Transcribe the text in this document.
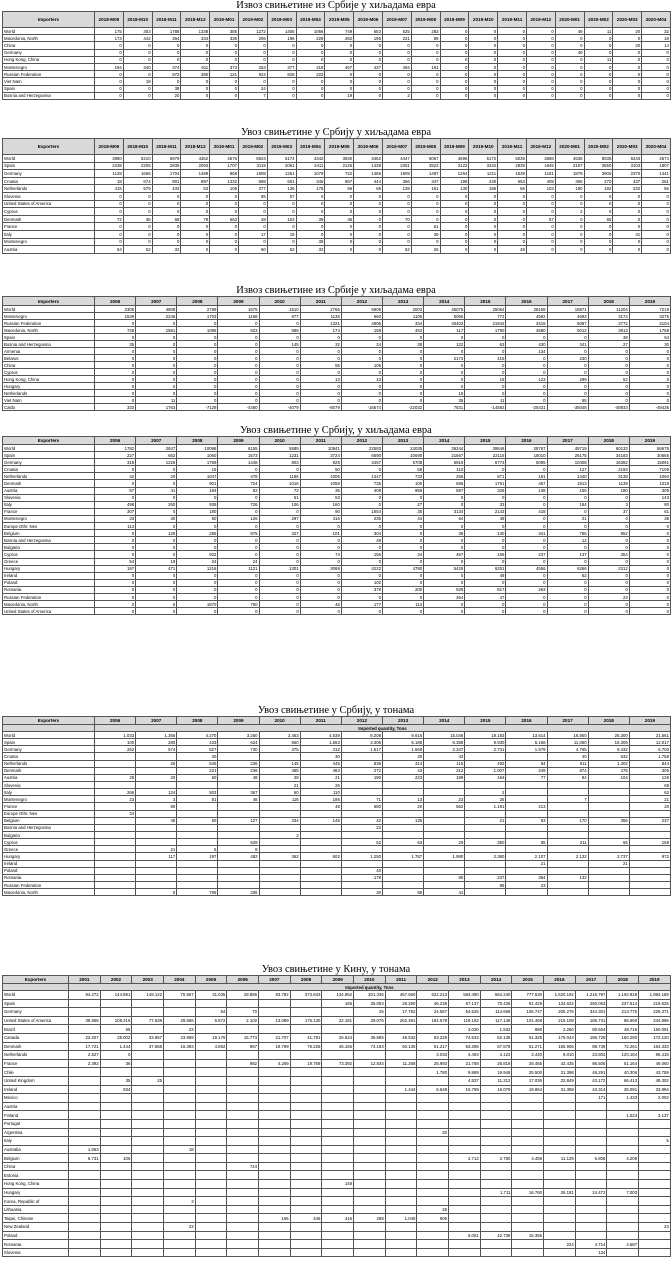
Извоз свињетине из Србије у хиљадама евра
Importers	2018-M09	2018-M10	2018-M11	2018-M12	2019-M01	2019-M02	2019-M03	2019-M04	2019-M05	2019-M06	2019-M07	2019-M08	2019-M09	2019-M10	2019-M11	2019-M12	2020-M01	2020-M02	2020-M03	2020-M04
World	175	303	1788	1338	385	1272	1405	1066	749	653	525	283	0	0	0	0	49	11	20	32
Macedonia, North	173	442	364	334	336	206	196	229	262	195	221	89	0	0	0	0	0	0	0	18
China	0	0	0	0	0	0	0	0	0	0	0	0	0	0	0	0	0	0	20	14
Germany	0	0	0	0	0	0	0	0	0	0	0	0	0	0	0	0	49	0	0	0
Hong Kong, China	0	0	0	0	0	0	0	0	0	0	0	0	0	0	0	0	0	11	0	0
Montenegro	194	340	374	611	373	253	377	318	467	437	494	191	0	0	0	0	0	0	0	0
Russian Federation	0	0	972	390	121	924	828	223	0	0	0	0	0	0	0	0	0	0	0	0
Viet Nam	0	19	0	0	0	0	0	0	0	0	0	0	0	0	0	0	0	0	0	0
Spain	0	0	38	0	0	24	0	0	0	0	0	0	0	0	0	0	0	0	0	0
Bosnia and Herzegovina	0	0	20	0	0	7	0	0	19	0	2	0	0	0	0	0	0	0	0	0
Увоз свињетине у Србију у хиљадама евра
Exporters	2018-M09	2018-M10	2018-M11	2018-M12	2019-M01	2019-M02	2019-M03	2019-M04	2019-M05	2019-M06	2019-M07	2019-M08	2019-M09	2019-M10	2019-M11	2019-M12	2020-M01	2020-M02	2020-M03	2020-M04
World	3980	5210	5979	4362	4676	5924	5174	4342	3940	3462	4447	5067	4696	5172	5039	3688	4636	8035	6243	2674
Spain	2238	2205	2835	2093	1707	3119	2061	2411	2126	1438	2301	3523	3122	3342	2839	1945	2157	3550	3103	1807
Germany	1128	1665	1704	1489	868	1908	1251	1079	722	1485	1909	1487	1264	1211	1539	1181	1879	3905	2370	1441
Croatia	18	674	901	897	1332	698	601	346	957	444	366	347	198	430	553	409	306	270	437	261
Netherlands	415	579	433	53	106	377	136	178	96	65	139	161	130	186	56	103	190	182	332	56
Slovenia	0	0	0	0	0	85	57	0	0	0	0	0	0	0	0	0	0	0	0	0
United States of America	0	0	0	0	0	0	0	0	0	0	0	0	0	0	0	0	0	0	0	0
Cyprus	0	0	0	0	0	0	0	0	0	0	0	0	0	0	0	0	2	0	0	0
Denmark	72	36	68	79	663	48	103	39	36	0	70	0	0	0	0	57	0	65	0	0
France	0	0	0	0	0	0	0	0	0	0	0	61	0	0	0	0	0	0	0	0
Italy	0	0	0	0	0	17	19	0	0	0	0	39	0	0	0	0	0	0	31	0
Montenegro	0	0	0	0	0	0	0	38	0	0	0	0	0	0	0	0	0	0	0	0
Austria	54	52	32	0	0	60	52	32	0	0	52	26	0	0	48	0	0	0	0	0
Извоз свињетине из Србије у хиљадама евра
Importers	2006	2007	2008	2009	2010	2011	2012	2013	2014	2015	2016	2017	2018	2019
World	2305	4808	2799	1675	1510	2766	5909	2003	45075	25064	28158	16871	11204	7219
Montenegro	1539	2246	1703	1168	977	1136	660	1105	5066	772	4592	4693	3174	3275
Russian Federation	0	0	0	0	0	1321	4905	334	40402	21942	3415	6087	3772	2104
Macedonia, North	748	1581	1096	523	588	174	158	453	117	1790	4580	5012	3813	1758
Spain	0	0	0	0	0	0	0	0	0	0	0	0	38	64
Bosnia and Herzegovina	35	0	0	0	145	32	24	38	122	63	430	341	27	30
Armenia	0	0	0	0	0	0	0	0	0	0	134	0	0	0
Belarus	0	0	0	0	0	0	0	0	2173	415	0	230	0	0
China	0	0	0	0	0	55	105	0	0	0	0	0	0	0
Cyprus	0	0	0	0	0	0	0	0	0	0	0	0	0	0
Hong Kong, China	0	0	0	0	0	13	13	0	0	18	123	299	52	0
Hungary	0	0	0	0	0	0	0	0	0	0	0	0	0	0
Netherlands	0	0	0	0	0	0	0	0	15	0	0	0	0	0
Viet Nam	0	11	0	0	0	0	0	0	35	11	0	55	0	0
Сaldo	333	1763	-7129	-4480	-4079	-8079	-16674	-22032	7831	-14582	-25431	-35048	-48933	-49436
Увоз свињетине у Србију, у хиљадама евра
Exporters	2006	2007	2008	2009	2010	2011	2012	2013	2014	2015	2016	2017	2018	2019
World	1782	2847	10098	6155	5589	10841	22583	24035	36244	39646	28767	49719	60133	56675
Spain	227	662	1060	1573	1231	3724	6690	10690	21667	22115	18010	26175	34183	30665
Germany	318	1226	1769	1448	803	928	3457	5708	6919	6774	5095	10408	16382	15091
Croatia	0	0	16	0	0	50	0	68	110	0	0	127	2193	7109
Netherlands	42	20	1047	478	1186	1006	1347	733	266	871	161	1440	3138	1060
Denmark	0	0	901	724	1016	1058	735	100	696	1761	467	1913	1139	1019
Austria	57	41	184	92	72	35	408	959	587	326	138	156	180	309
Slovenia	0	0	0	0	51	53	0	0	0	0	0	0	0	143
Italy	498	260	939	726	106	160	0	27	0	33	0	184	3	80
France	307	0	180	0	0	90	1654	35	3134	2143	418	0	37	61
Montenegro	33	30	50	126	297	416	236	44	64	49	0	21	0	38
Europe Othr. Nes	113	0	0	0	0	0	0	0	0	0	0	0	0	0
Belgium	0	125	285	875	327	101	304	0	38	130	341	766	952	0
Bosnia and Herzegovina	0	0	0	0	0	0	49	0	0	0	0	12	0	0
Bulgaria	0	0	0	0	0	0	0	0	0	0	0	0	0	0
Cyprus	0	0	932	0	0	74	156	34	467	155	237	137	354	0
Greece	54	19	24	24	0	0	0	0	0	0	0	0	0	0
Hungary	197	471	1216	1121	1301	3069	4222	4780	5425	6251	4556	6266	2312	0
Ireland	0	0	0	0	0	0	0	0	0	49	0	62	0	0
Poland	0	0	0	0	0	0	102	0	0	0	0	0	0	0
Romania	0	0	0	0	0	0	378	200	529	817	263	0	0	0
Russian Federation	0	0	0	0	0	0	0	0	264	47	0	0	23	0
Macedonia, North	0	6	1870	750	0	46	177	113	0	0	0	0	0	0
United States of America	0	0	0	0	0	0	0	0	0	0	0	0	0	0
Увоз свињетине у Србију, у тонама
Exporters	2006	2007	2008	2009	2010	2011	2012	2013	2014	2015	2016	2017	2018	2019
	Imported quantity, Tons													
World	1.033	1.366	4.270	3.260	2.453	4.639	8.208	9.616	15.046	19.183	13.614	16.850	26.300	21.561
Spain	100	280	433	624	560	1.553	3.306	5.188	8.358	9.930	6.166	11.060	15.305	12.017
Germany	262	574	827	730	375	412	1.517	1.668	2.347	2.731	1.579	4.765	8.432	6.700
Croatia			30			30		30	43			40	632	1.758
Netherlands		26	545	236	145	445	838	314	115	492	84	611	1.302	844
Denmark			221	236	465	463	272	43	212	1.007	249	874	475	306
Austria	28	20	60	48	28	21	190	223	189	164	77	84	104	126
Slovenia					21	26								69
Italy	266	124	503	367	60	110				2				62
Montenegro	23	3	81	48	116	186	71	13	23	25		7		21
France		80				48	680	20	562	1.191	213			20
Europe Othr. Nes	34													
Belgium		45	50	127	334	145	42	135		21	63	170	356	237
Bosnia and Herzegovina							22							
Bulgaria					2									
Cyprus				529			52	63	20	350	85	211	65	158
Greece		21	5	8										
Hungary		117	197	482	362	602	1.250	1.787	1.980	2.380	2.107	2.132	2.737	972
Ireland											21		21	
Poland							40							
Romania							178		80	237	384	132		
Russian Federation										86	23			
Macedonia, North		5	765	336			30	85	41					
Увоз свињетине у Кину, у тонама
Exporters	2001	2002	2003	2004	2005	2006	2007	2008	2009	2010	2011	2012	2013	2014	2015	2016	2017	2018	2019	
	Imported quantity, Tons																			
World	94.272	144.891	149.122	70.567	31.035	28.886	83.782	373.843	134.952	201.336	467.660	622.213	583.480	564.240	777.530	1.620.192	1.216.797	1.192.828	1.994.188	
Spain									165	25.053	28.250	46.238	67.137	70.435	91.429	134.622	260.053	237.514	219.626	
Germany					54	70				25	17.752	24.567	54.525	114.668	106.747	205.276	344.301	213.775	228.371	
United States of America	39.558	108.216	77.639	29.656	6.572	2.102	13.089	176.130	22.181	29.076	262.491	184.578	119.182	117.146	101.468	215.108	165.741	86.660	244.996	
Brazil		55		23									3.030	1.532	880	2.260	80.604	48.716	150.091	
Canada	22.207	25.002	33.857	23.859	19.176	15.773	21.707	41.781	26.524	36.585	45.532	53.228	74.532	52.135	61.325	179.044	186.728	160.280	172.120	
Denmark	17.721	1.444	37.668	16.393	4.862	967	19.799	76.226	46.165	74.193	60.136	51.217	63.395	67.578	51.271	155.906	88.739	72.261	164.333	
Netherlands	2.527	0										3.033	4.493	4.122	2.440	9.010	23.803	120.184	86.415		
France	2.392	36				982	4.269	19.759	73.392	12.834	11.268	25.993	21.768	26.819	28.465	42.435	86.506	51.164	49.060	
Chile												1.780	9.889	19.948	25.500	31.398	46.291	40.306	43.759	
United Kingdom		35	25										4.537	11.212	17.036	22.849	43.172	66.413	49.302	
Ireland		934									1.444	6.648	16.799	16.079	19.864	31.358	43.314	35.091	33.894	
Mexico																	171	1.433	2.002	
Austria																				
Finland																		1.024	3.137	
Portugal																				
Argentina												20								
Italy																			5	
Australia	1.063			18																
Belgium	6.731	106											2.712	2.790	4.459	11.129	6.808	4.209		
China						724														
Estonia																				
Hong Kong, China									148											
Hungary														1.711	16.760	26.181	24.472	7.003		
Korea, Republic of				3																
Lithuania												25								
Taipei, Chinese							165	445	416	288	1.045	906								
New Zealand				23															23	
Poland													6.051	42.738	15.355					
Romania																224	4.714	4.687		
Slovenia																	134			
